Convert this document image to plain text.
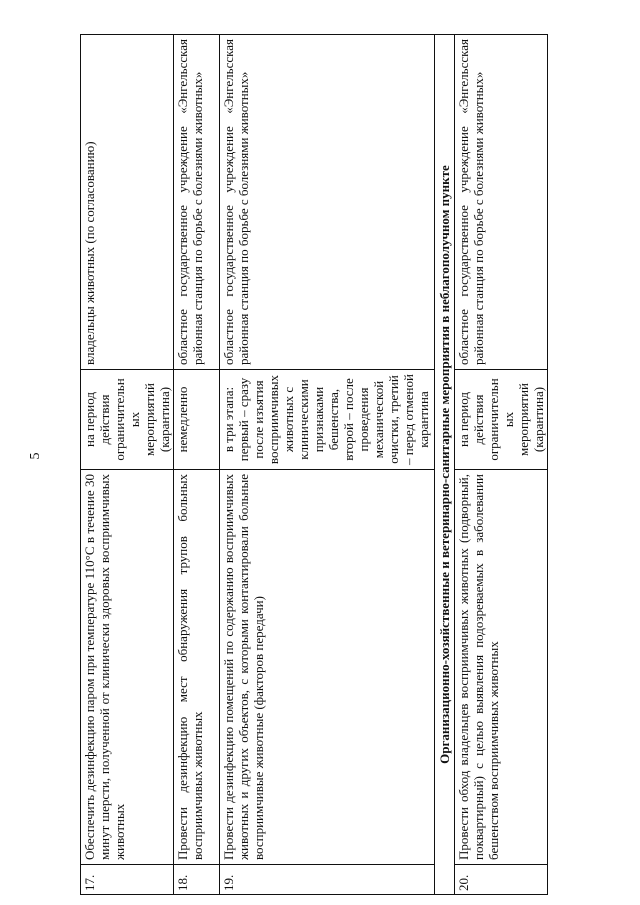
5
17.	Обеспечить дезинфекцию паром при температуре 110°С в течение 30 минут шерсти, полученной от клинически здоровых восприимчивых животных	на период действия ограничительных мероприятий (карантина)	владельцы животных (по согласованию)
18.	Провести дезинфекцию мест обнаружения трупов больных восприимчивых животных	немедленно	областное государственное учреждение «Энгельсская районная станция по борьбе с болезнями животных»
19.	Провести дезинфекцию помещений по содержанию восприимчивых животных и других объектов, с которыми контактировали больные восприимчивые животные (факторов передачи)	в три этапа: первый – сразу после изъятия восприимчивых животных с клиническими признаками бешенства, второй – после проведения механической очистки, третий – перед отменой карантина	областное государственное учреждение «Энгельсская районная станция по борьбе с болезнями животных»
Организационно-хозяйственные и ветеринарно-санитарные мероприятия в неблагополучном пункте			
20.	Провести обход владельцев восприимчивых животных (подворный, поквартирный) с целью выявления подозреваемых в заболевании бешенством восприимчивых животных	на период действия ограничительных мероприятий (карантина)	областное государственное учреждение «Энгельсская районная станция по борьбе с болезнями животных»
